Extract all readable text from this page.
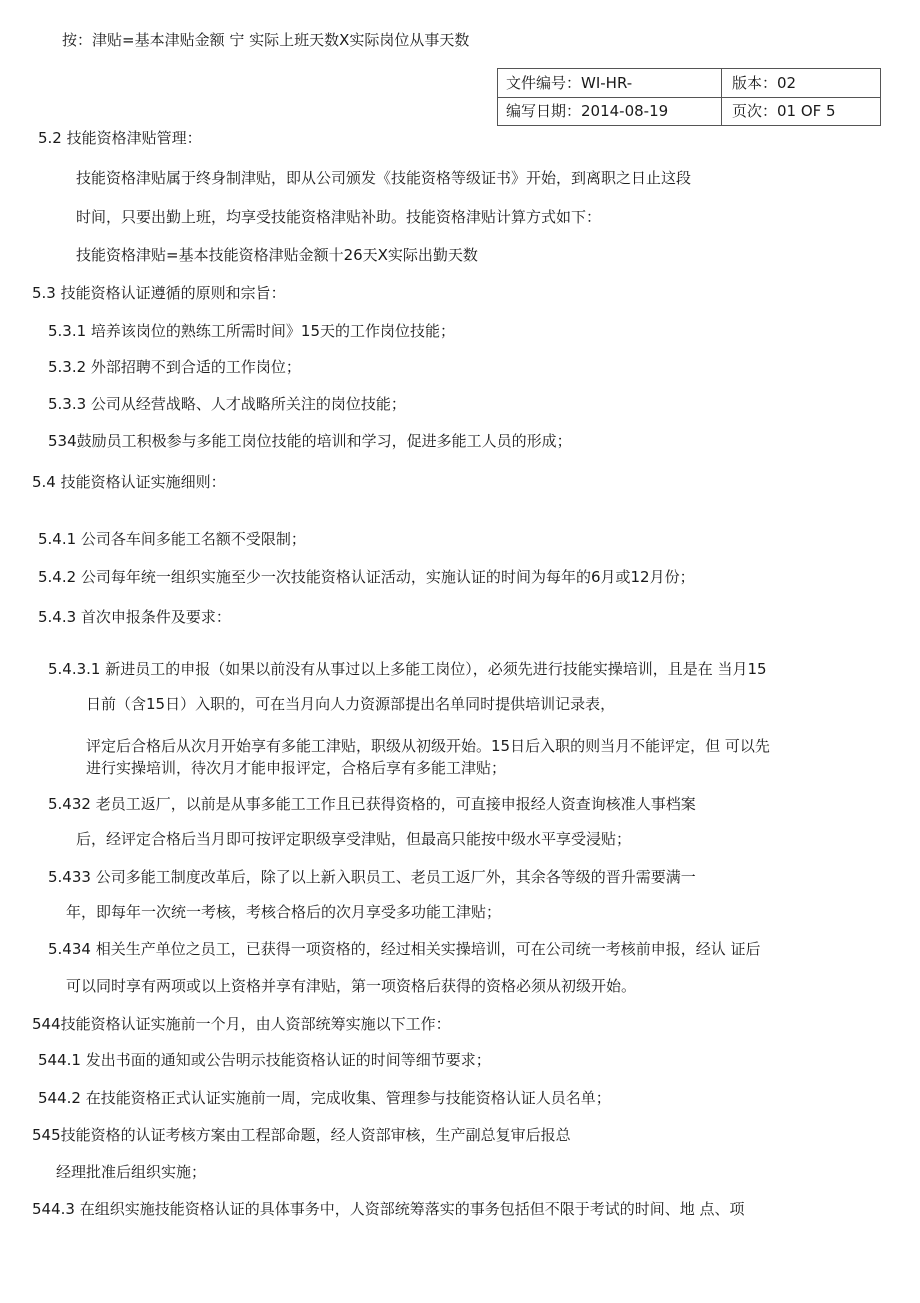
按：津贴=基本津贴金额 宁 实际上班天数X实际岗位从事天数
文件编号：WI-HR-	版本：02
编写日期：2014-08-19	页次：01 OF 5
5.2 技能资格津贴管理：
技能资格津贴属于终身制津贴，即从公司颁发《技能资格等级证书》开始，到离职之日止这段
时间，只要出勤上班，均享受技能资格津贴补助。技能资格津贴计算方式如下：
技能资格津贴=基本技能资格津贴金额十26天X实际出勤天数
5.3 技能资格认证遵循的原则和宗旨：
5.3.1 培养该岗位的熟练工所需时间》15天的工作岗位技能；
5.3.2 外部招聘不到合适的工作岗位；
5.3.3 公司从经营战略、人才战略所关注的岗位技能；
534鼓励员工积极参与多能工岗位技能的培训和学习，促进多能工人员的形成；
5.4 技能资格认证实施细则：
5.4.1 公司各车间多能工名额不受限制；
5.4.2 公司每年统一组织实施至少一次技能资格认证活动，实施认证的时间为每年的6月或12月份；
5.4.3 首次申报条件及要求：
5.4.3.1 新进员工的申报（如果以前没有从事过以上多能工岗位），必须先进行技能实操培训，且是在 当月15
日前（含15日）入职的，可在当月向人力资源部提出名单同时提供培训记录表，
评定后合格后从次月开始享有多能工津贴，职级从初级开始。15日后入职的则当月不能评定，但 可以先
进行实操培训，待次月才能申报评定，合格后享有多能工津贴；
5.432 老员工返厂，以前是从事多能工工作且已获得资格的，可直接申报经人资查询核准人事档案
后，经评定合格后当月即可按评定职级享受津贴，但最高只能按中级水平享受浸贴；
5.433 公司多能工制度改革后，除了以上新入职员工、老员工返厂外，其余各等级的晋升需要满一
年，即每年一次统一考核，考核合格后的次月享受多功能工津贴；
5.434 相关生产单位之员工，已获得一项资格的，经过相关实操培训，可在公司统一考核前申报，经认 证后
可以同时享有两项或以上资格并享有津贴，第一项资格后获得的资格必须从初级开始。
544技能资格认证实施前一个月，由人资部统筹实施以下工作：
544.1 发出书面的通知或公告明示技能资格认证的时间等细节要求；
544.2 在技能资格正式认证实施前一周，完成收集、管理参与技能资格认证人员名单；
545技能资格的认证考核方案由工程部命题，经人资部审核，生产副总复审后报总
经理批准后组织实施；
544.3 在组织实施技能资格认证的具体事务中，人资部统筹落实的事务包括但不限于考试的时间、地 点、项
